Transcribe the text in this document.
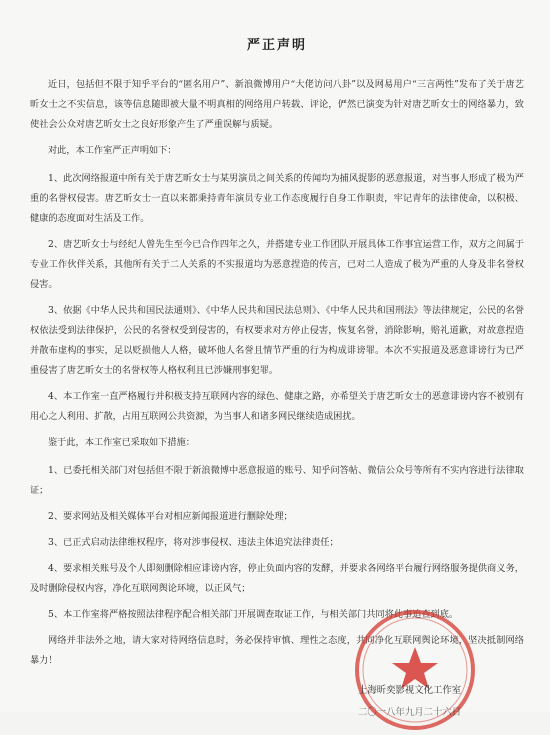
严正声明

近日，包括但不限于知乎平台的“匿名用户”、新浪微博用户“大佬访问八卦”以及网易用户“三言两性”发布了关于唐艺昕女士之不实信息，该等信息随即被大量不明真相的网络用户转载、评论，俨然已演变为针对唐艺昕女士的网络暴力，致使社会公众对唐艺昕女士之良好形象产生了严重误解与质疑。

对此，本工作室严正声明如下：

1、此次网络报道中所有关于唐艺昕女士与某男演员之间关系的传闻均为捕风捉影的恶意报道，对当事人形成了极为严重的名誉权侵害。唐艺昕女士一直以来都秉持青年演员专业工作态度履行自身工作职责，牢记青年的法律使命，以积极、健康的态度面对生活及工作。

2、唐艺昕女士与经纪人曾先生至今已合作四年之久，并搭建专业工作团队开展具体工作事宜运营工作，双方之间属于专业工作伙伴关系，其他所有关于二人关系的不实报道均为恶意捏造的传言，已对二人造成了极为严重的人身及非名誉权侵害。

3、依据《中华人民共和国民法通则》、《中华人民共和国民法总则》、《中华人民共和国刑法》等法律规定，公民的名誉权依法受到法律保护，公民的名誉权受到侵害的，有权要求对方停止侵害，恢复名誉，消除影响，赔礼道歉，对故意捏造并散布虚构的事实，足以贬损他人人格，破坏他人名誉且情节严重的行为构成诽谤罪。本次不实报道及恶意诽谤行为已严重侵害了唐艺昕女士的名誉权等人格权利且已涉嫌刑事犯罪。

4、本工作室一直严格履行并积极支持互联网内容的绿色、健康之路，亦希望关于唐艺昕女士的恶意诽谤内容不被别有用心之人利用、扩散，占用互联网公共资源，为当事人和诸多网民继续造成困扰。

鉴于此，本工作室已采取如下措施：

1、已委托相关部门对包括但不限于新浪微博中恶意报道的账号、知乎问答帖、微信公众号等所有不实内容进行法律取证；

2、要求网站及相关媒体平台对相应新闻报道进行删除处理；

3、已正式启动法律维权程序，将对涉事侵权、违法主体追究法律责任；

4、要求相关账号及个人即刻删除相应诽谤内容，停止负面内容的发酵，并要求各网络平台履行网络服务提供商义务，及时删除侵权内容，净化互联网舆论环境，以正风气；

5、本工作室将严格按照法律程序配合相关部门开展调查取证工作，与相关部门共同将此事追查到底。

网络并非法外之地，请大家对待网络信息时，务必保持审慎、理性之态度，共同净化互联网舆论环境，坚决抵制网络暴力！

上海昕奕影视文化工作室
二〇一八年九月二十六日
